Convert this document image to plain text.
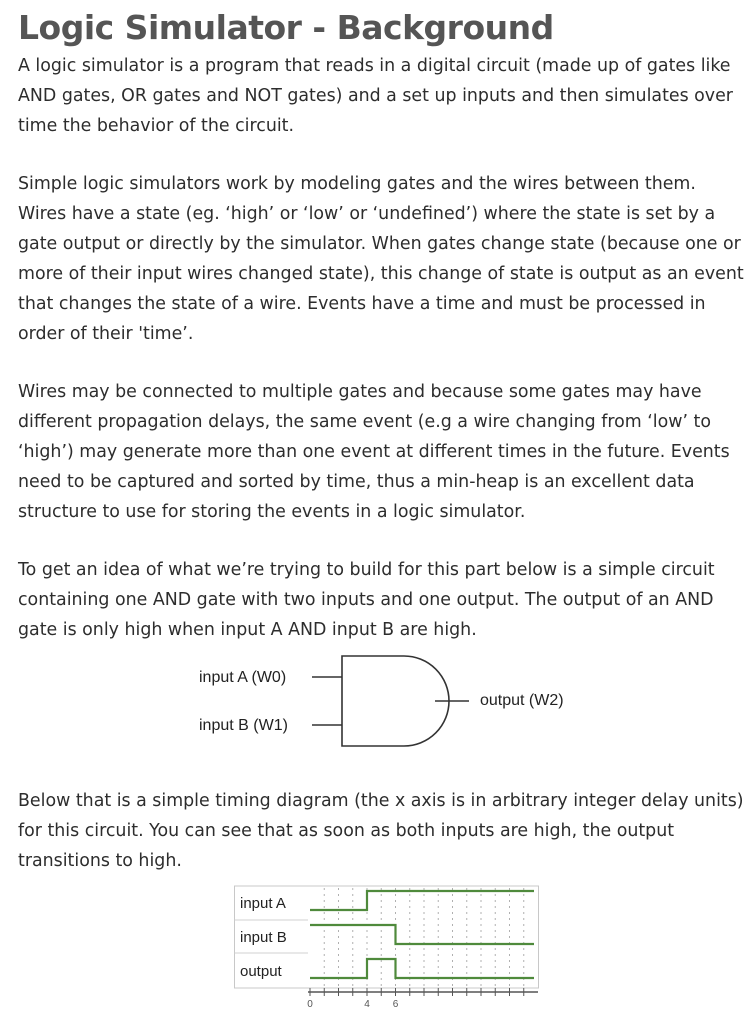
Logic Simulator - Background

A logic simulator is a program that reads in a digital circuit (made up of gates like AND gates, OR gates and NOT gates) and a set up inputs and then simulates over time the behavior of the circuit.

Simple logic simulators work by modeling gates and the wires between them. Wires have a state (eg. ‘high’ or ‘low’ or ‘undefined’) where the state is set by a gate output or directly by the simulator. When gates change state (because one or more of their input wires changed state), this change of state is output as an event that changes the state of a wire. Events have a time and must be processed in order of their 'time’.

Wires may be connected to multiple gates and because some gates may have different propagation delays, the same event (e.g a wire changing from ‘low’ to ‘high’) may generate more than one event at different times in the future. Events need to be captured and sorted by time, thus a min-heap is an excellent data structure to use for storing the events in a logic simulator.

To get an idea of what we’re trying to build for this part below is a simple circuit containing one AND gate with two inputs and one output. The output of an AND gate is only high when input A AND input B are high.

input A (W0)
input B (W1)
output (W2)

Below that is a simple timing diagram (the x axis is in arbitrary integer delay units) for this circuit. You can see that as soon as both inputs are high, the output transitions to high.

input A
input B
output
0	4 6
